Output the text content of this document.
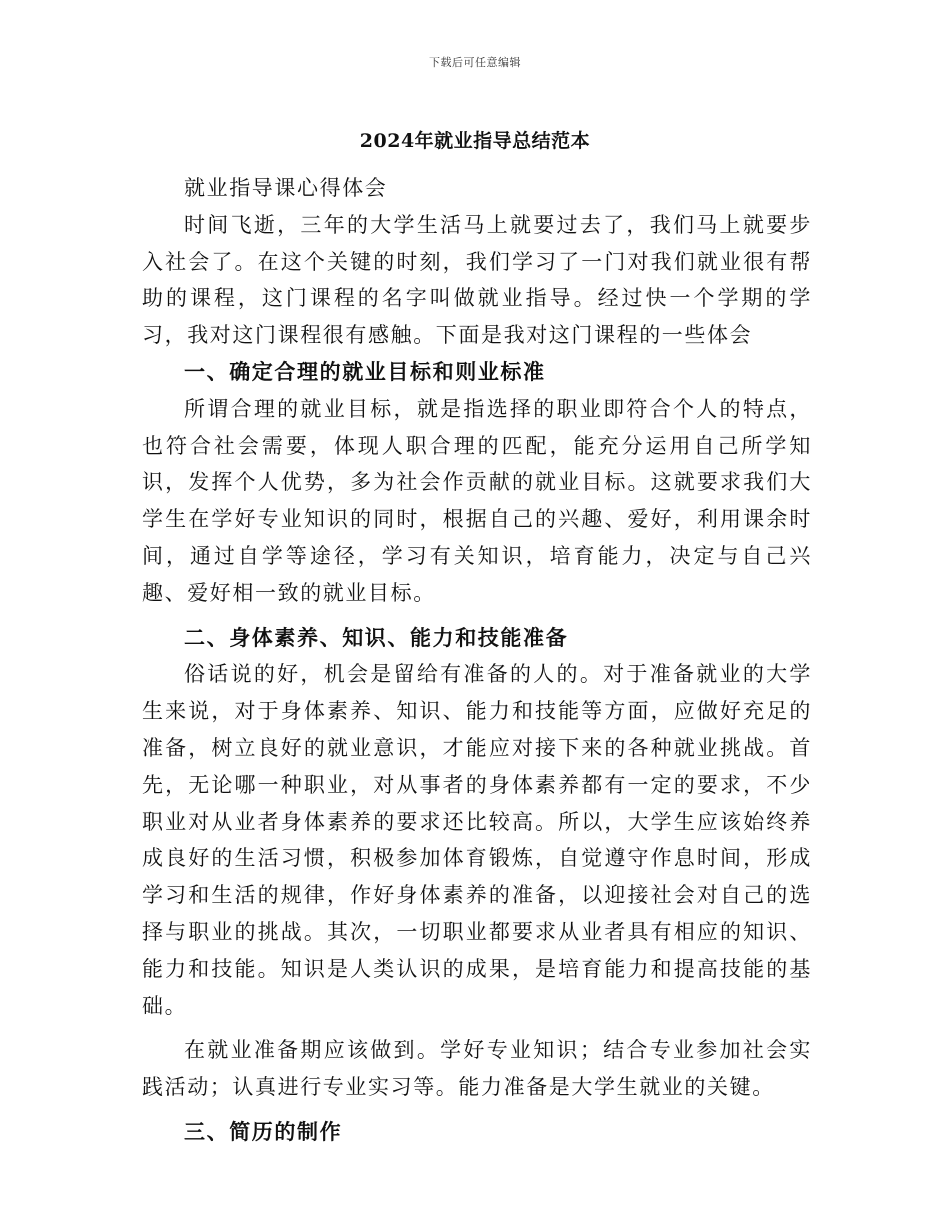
下载后可任意编辑
2024年就业指导总结范本

就业指导课心得体会

时间飞逝，三年的大学生活马上就要过去了，我们马上就要步入社会了。在这个关键的时刻，我们学习了一门对我们就业很有帮助的课程，这门课程的名字叫做就业指导。经过快一个学期的学习，我对这门课程很有感触。下面是我对这门课程的一些体会

一、确定合理的就业目标和则业标准

所谓合理的就业目标，就是指选择的职业即符合个人的特点，也符合社会需要，体现人职合理的匹配，能充分运用自己所学知识，发挥个人优势，多为社会作贡献的就业目标。这就要求我们大学生在学好专业知识的同时，根据自己的兴趣、爱好，利用课余时间，通过自学等途径，学习有关知识，培育能力，决定与自己兴趣、爱好相一致的就业目标。

二、身体素养、知识、能力和技能准备

俗话说的好，机会是留给有准备的人的。对于准备就业的大学生来说，对于身体素养、知识、能力和技能等方面，应做好充足的准备，树立良好的就业意识，才能应对接下来的各种就业挑战。首先，无论哪一种职业，对从事者的身体素养都有一定的要求，不少职业对从业者身体素养的要求还比较高。所以，大学生应该始终养成良好的生活习惯，积极参加体育锻炼，自觉遵守作息时间，形成学习和生活的规律，作好身体素养的准备，以迎接社会对自己的选择与职业的挑战。其次，一切职业都要求从业者具有相应的知识、能力和技能。知识是人类认识的成果，是培育能力和提高技能的基础。

在就业准备期应该做到。学好专业知识；结合专业参加社会实践活动；认真进行专业实习等。能力准备是大学生就业的关键。

三、简历的制作
